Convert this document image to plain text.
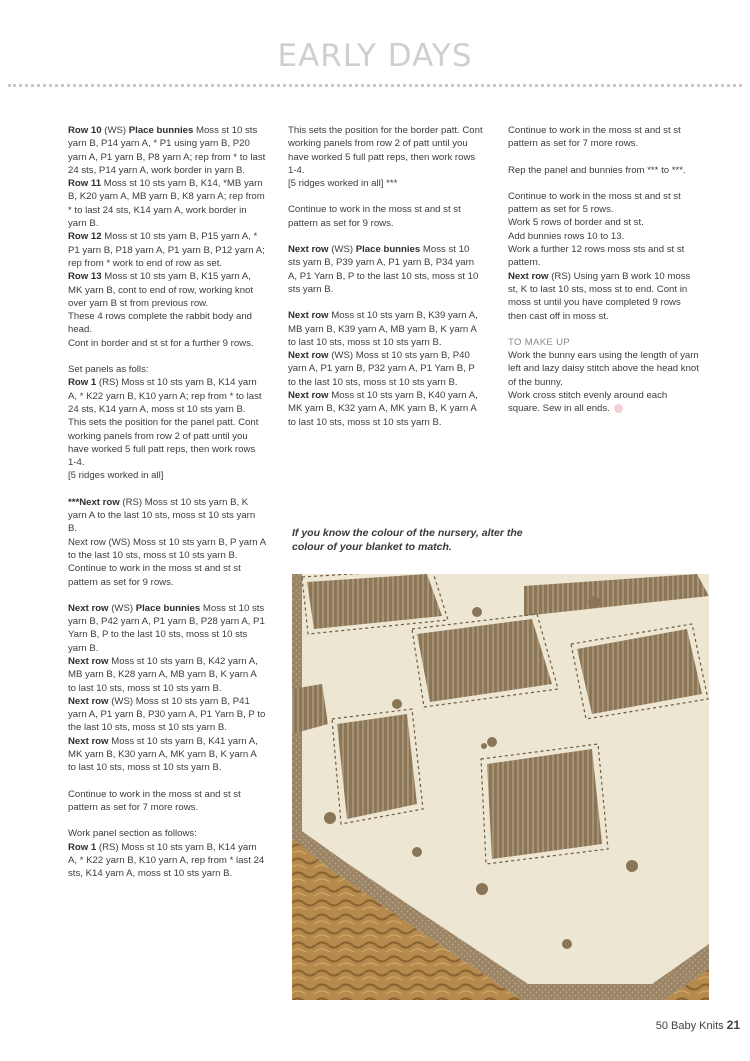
EARLY DAYS

Row 10 (WS) Place bunnies Moss st 10 sts yarn B, P14 yarn A, * P1 using yarn B, P20 yarn A, P1 yarn B, P8 yarn A; rep from * to last 24 sts, P14 yarn A, work border in yarn B.

Row 11 Moss st 10 sts yarn B, K14, *MB yarn B, K20 yarn A, MB yarn B, K8 yarn A; rep from * to last 24 sts, K14 yarn A, work border in yarn B.

Row 12 Moss st 10 sts yarn B, P15 yarn A, * P1 yarn B, P18 yarn A, P1 yarn B, P12 yarn A; rep from * work to end of row as set.

Row 13 Moss st 10 sts yarn B, K15 yarn A, MK yarn B, cont to end of row, working knot over yarn B st from previous row.

These 4 rows complete the rabbit body and head.

Cont in border and st st for a further 9 rows.

Set panels as folls:

Row 1 (RS) Moss st 10 sts yarn B, K14 yarn A, * K22 yarn B, K10 yarn A; rep from * to last 24 sts, K14 yarn A, moss st 10 sts yarn B.

This sets the position for the panel patt. Cont working panels from row 2 of patt until you have worked 5 full patt reps, then work rows 1-4.

[5 ridges worked in all]

***Next row (RS) Moss st 10 sts yarn B, K yarn A to the last 10 sts, moss st 10 sts yarn B.

Next row (WS) Moss st 10 sts yarn B, P yarn A to the last 10 sts, moss st 10 sts yarn B.

Continue to work in the moss st and st st pattern as set for 9 rows.

Next row (WS) Place bunnies Moss st 10 sts yarn B, P42 yarn A, P1 yarn B, P28 yarn A, P1 Yarn B, P to the last 10 sts, moss st 10 sts yarn B.

Next row Moss st 10 sts yarn B, K42 yarn A, MB yarn B, K28 yarn A, MB yarn B, K yarn A to last 10 sts, moss st 10 sts yarn B.

Next row (WS) Moss st 10 sts yarn B, P41 yarn A, P1 yarn B, P30 yarn A, P1 Yarn B, P to the last 10 sts, moss st 10 sts yarn B.

Next row Moss st 10 sts yarn B, K41 yarn A, MK yarn B, K30 yarn A, MK yarn B, K yarn A to last 10 sts, moss st 10 sts yarn B.

Continue to work in the moss st and st st pattern as set for 7 more rows.

Work panel section as follows:

Row 1 (RS) Moss st 10 sts yarn B, K14 yarn A, * K22 yarn B, K10 yarn A, rep from * last 24 sts, K14 yarn A, moss st 10 sts yarn B.

This sets the position for the border patt. Cont working panels from row 2 of patt until you have worked 5 full patt reps, then work rows 1-4.

[5 ridges worked in all] ***

Continue to work in the moss st and st st pattern as set for 9 rows.

Next row (WS) Place bunnies Moss st 10 sts yarn B, P39 yarn A, P1 yarn B, P34 yarn A, P1 Yarn B, P to the last 10 sts, moss st 10 sts yarn B.

Next row Moss st 10 sts yarn B, K39 yarn A, MB yarn B, K39 yarn A, MB yarn B, K yarn A to last 10 sts, moss st 10 sts yarn B.

Next row (WS) Moss st 10 sts yarn B, P40 yarn A, P1 yarn B, P32 yarn A, P1 Yarn B, P to the last 10 sts, moss st 10 sts yarn B.

Next row Moss st 10 sts yarn B, K40 yarn A, MK yarn B, K32 yarn A, MK yarn B, K yarn A to last 10 sts, moss st 10 sts yarn B.

Continue to work in the moss st and st st pattern as set for 7 more rows.

Rep the panel and bunnies from *** to ***.

Continue to work in the moss st and st st pattern as set for 5 rows.

Work 5 rows of border and st st.

Add bunnies rows 10 to 13.

Work a further 12 rows moss sts and st st pattern.

Next row (RS) Using yarn B work 10 moss st, K to last 10 sts, moss st to end. Cont in moss st until you have completed 9 rows then cast off in moss st.

TO MAKE UP

Work the bunny ears using the length of yarn left and lazy daisy stitch above the head knot of the bunny.

Work cross stitch evenly around each square. Sew in all ends.

If you know the colour of the nursery, alter the colour of your blanket to match.
50 Baby Knits 21
